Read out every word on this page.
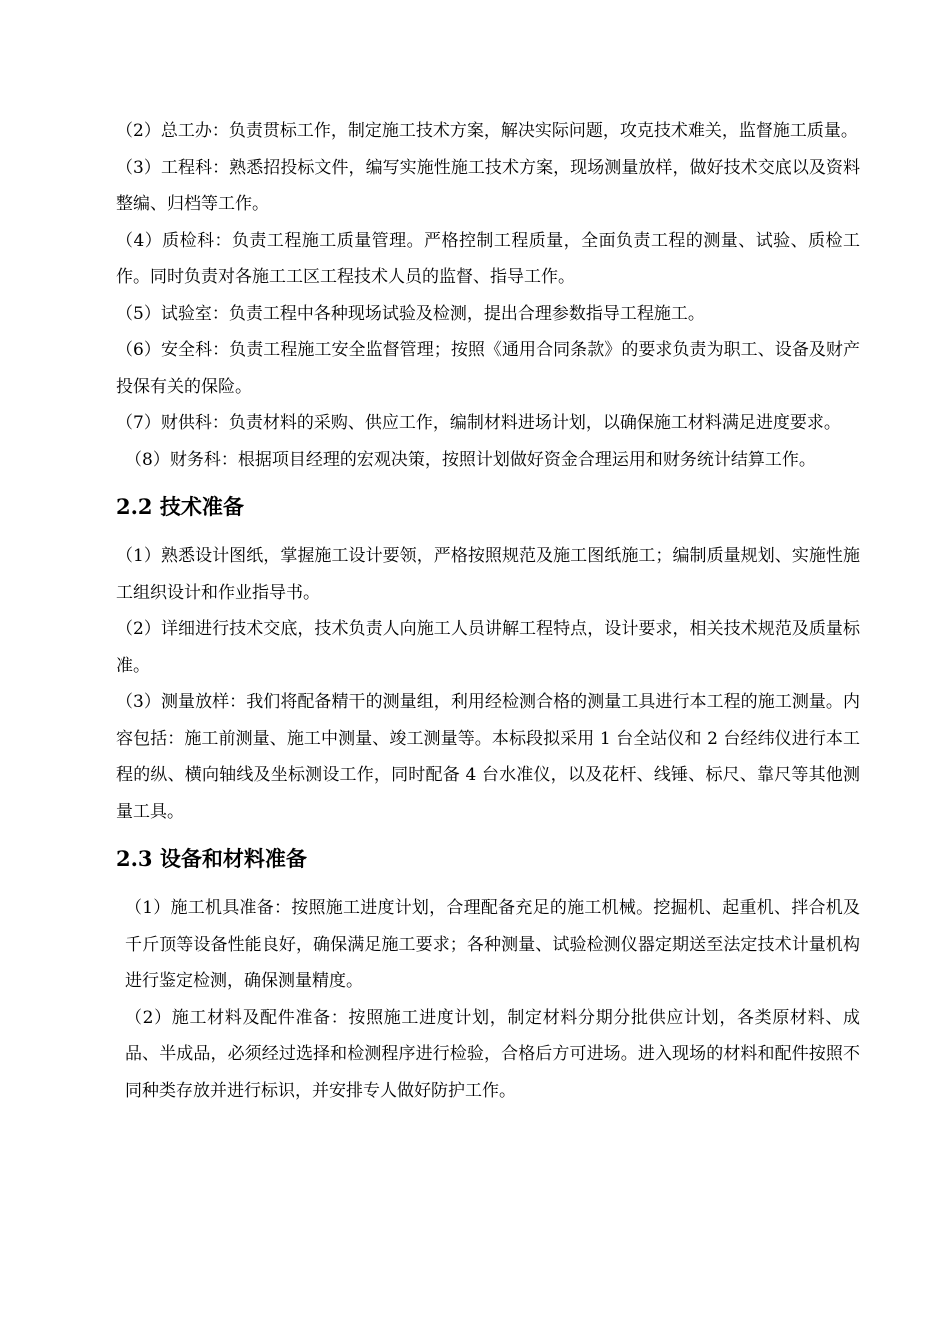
（2）总工办：负责贯标工作，制定施工技术方案，解决实际问题，攻克技术难关，监督施工质量。

（3）工程科：熟悉招投标文件，编写实施性施工技术方案，现场测量放样，做好技术交底以及资料整编、归档等工作。

（4）质检科：负责工程施工质量管理。严格控制工程质量，全面负责工程的测量、试验、质检工作。同时负责对各施工工区工程技术人员的监督、指导工作。

（5）试验室：负责工程中各种现场试验及检测，提出合理参数指导工程施工。

（6）安全科：负责工程施工安全监督管理；按照《通用合同条款》的要求负责为职工、设备及财产投保有关的保险。

（7）财供科：负责材料的采购、供应工作，编制材料进场计划，以确保施工材料满足进度要求。

（8）财务科：根据项目经理的宏观决策，按照计划做好资金合理运用和财务统计结算工作。

2.2 技术准备

（1）熟悉设计图纸，掌握施工设计要领，严格按照规范及施工图纸施工；编制质量规划、实施性施工组织设计和作业指导书。

（2）详细进行技术交底，技术负责人向施工人员讲解工程特点，设计要求，相关技术规范及质量标准。

（3）测量放样：我们将配备精干的测量组，利用经检测合格的测量工具进行本工程的施工测量。内容包括：施工前测量、施工中测量、竣工测量等。本标段拟采用 1 台全站仪和 2 台经纬仪进行本工程的纵、横向轴线及坐标测设工作，同时配备 4 台水准仪，以及花杆、线锤、标尺、靠尺等其他测量工具。

2.3 设备和材料准备

（1）施工机具准备：按照施工进度计划，合理配备充足的施工机械。挖掘机、起重机、拌合机及千斤顶等设备性能良好，确保满足施工要求；各种测量、试验检测仪器定期送至法定技术计量机构进行鉴定检测，确保测量精度。

（2）施工材料及配件准备：按照施工进度计划，制定材料分期分批供应计划，各类原材料、成品、半成品，必须经过选择和检测程序进行检验，合格后方可进场。进入现场的材料和配件按照不同种类存放并进行标识，并安排专人做好防护工作。
